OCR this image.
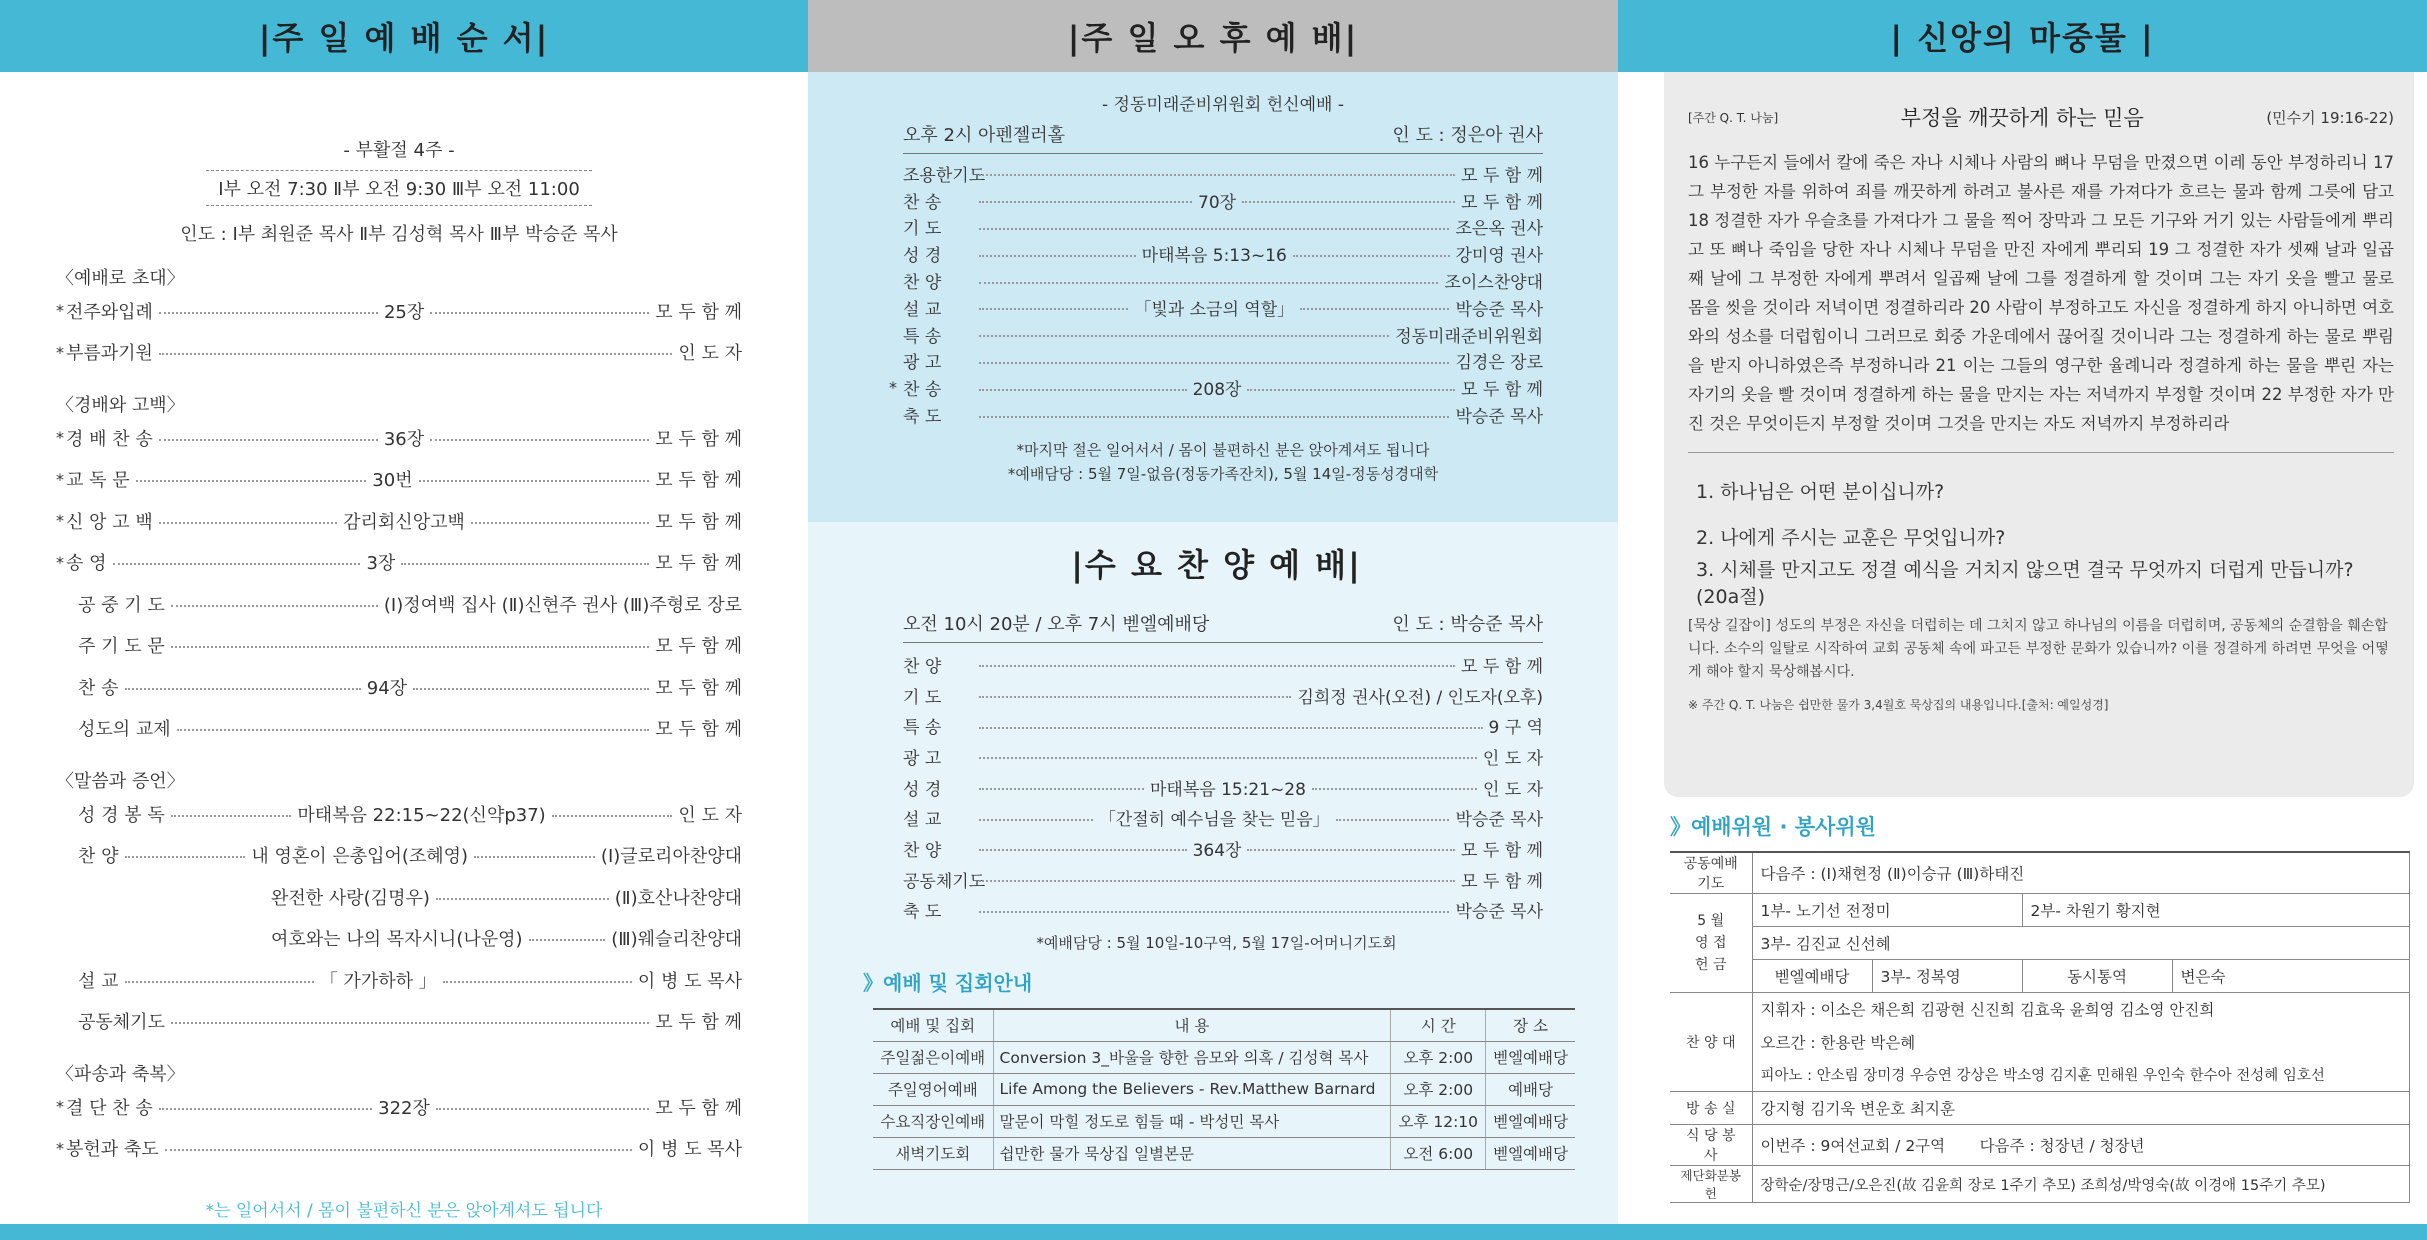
|주 일 예 배 순 서|
- 부활절 4주 -
Ⅰ부 오전 7:30 Ⅱ부 오전 9:30 Ⅲ부 오전 11:00
인도 : Ⅰ부 최원준 목사 Ⅱ부 김성혁 목사 Ⅲ부 박승준 목사
〈예배로 초대〉
* 전주와입례	25장	모 두 함 께
* 부름과기원	인 도 자
〈경배와 고백〉
* 경 배 찬 송	36장	모 두 함 께
* 교 독 문	30번	모 두 함 께
* 신 앙 고 백	감리회신앙고백	모 두 함 께
* 송 영	3장	모 두 함 께
공 중 기 도	(Ⅰ)정여백 집사 (Ⅱ)신현주 권사 (Ⅲ)주형로 장로
주 기 도 문	모 두 함 께
찬 송	94장	모 두 함 께
성도의 교제	모 두 함 께
〈말씀과 증언〉
성 경 봉 독	마태복음 22:15~22(신약p37)	인 도 자
찬 양	내 영혼이 은총입어(조혜영)	(Ⅰ)글로리아찬양대
완전한 사랑(김명우)	(Ⅱ)호산나찬양대
여호와는 나의 목자시니(나운영)	(Ⅲ)웨슬리찬양대
설 교	「 가가하하 」	이 병 도 목사
공동체기도	모 두 함 께
〈파송과 축복〉
* 결 단 찬 송	322장	모 두 함 께
* 봉헌과 축도	이 병 도 목사
*는 일어서서 / 몸이 불편하신 분은 앉아계셔도 됩니다
|주 일 오 후 예 배|
- 정동미래준비위원회 헌신예배 -
오후 2시 아펜젤러홀	인 도 : 정은아 권사
조용한기도	모 두 함 께
찬 송	70장	모 두 함 께
기 도	조은옥 권사
성 경	마태복음 5:13~16	강미영 권사
찬 양	조이스찬양대
설 교	「빛과 소금의 역할」	박승준 목사
특 송	정동미래준비위원회
광 고	김경은 장로
* 찬 송	208장	모 두 함 께
축 도	박승준 목사
*마지막 절은 일어서서 / 몸이 불편하신 분은 앉아계셔도 됩니다
*예배담당 : 5월 7일-없음(정동가족잔치), 5월 14일-정동성경대학
|수 요 찬 양 예 배|
오전 10시 20분 / 오후 7시 벧엘예배당	인 도 : 박승준 목사
찬 양	모 두 함 께
기 도	김희정 권사(오전) / 인도자(오후)
특 송	9 구 역
광 고	인 도 자
성 경	마태복음 15:21~28	인 도 자
설 교	「간절히 예수님을 찾는 믿음」	박승준 목사
찬 양	364장	모 두 함 께
공동체기도	모 두 함 께
축 도	박승준 목사
*예배담당 : 5월 10일-10구역, 5월 17일-어머니기도회
》예배 및 집회안내
예배 및 집회	내 용	시 간	장 소
주일젊은이예배	Conversion 3_바울을 향한 음모와 의혹 / 김성혁 목사	오후 2:00	벧엘예배당
주일영어예배	Life Among the Believers - Rev.Matthew Barnard	오후 2:00	예배당
수요직장인예배	말문이 막힐 정도로 힘들 때 - 박성민 목사	오후 12:10	벧엘예배당
새벽기도회	쉽만한 물가 묵상집 일별본문	오전 6:00	벧엘예배당
| 신앙의 마중물 |
[주간 Q. T. 나눔]	부정을 깨끗하게 하는 믿음	(민수기 19:16-22)
16 누구든지 들에서 칼에 죽은 자나 시체나 사람의 뼈나 무덤을 만졌으면 이레 동안 부정하리니 17 그 부정한 자를 위하여 죄를 깨끗하게 하려고 불사른 재를 가져다가 흐르는 물과 함께 그릇에 담고 18 정결한 자가 우슬초를 가져다가 그 물을 찍어 장막과 그 모든 기구와 거기 있는 사람들에게 뿌리고 또 뼈나 죽임을 당한 자나 시체나 무덤을 만진 자에게 뿌리되 19 그 정결한 자가 셋째 날과 일곱째 날에 그 부정한 자에게 뿌려서 일곱째 날에 그를 정결하게 할 것이며 그는 자기 옷을 빨고 물로 몸을 씻을 것이라 저녁이면 정결하리라 20 사람이 부정하고도 자신을 정결하게 하지 아니하면 여호와의 성소를 더럽힘이니 그러므로 회중 가운데에서 끊어질 것이니라 그는 정결하게 하는 물로 뿌림을 받지 아니하였은즉 부정하니라 21 이는 그들의 영구한 율례니라 정결하게 하는 물을 뿌린 자는 자기의 옷을 빨 것이며 정결하게 하는 물을 만지는 자는 저녁까지 부정할 것이며 22 부정한 자가 만진 것은 무엇이든지 부정할 것이며 그것을 만지는 자도 저녁까지 부정하리라
1. 하나님은 어떤 분이십니까?
2. 나에게 주시는 교훈은 무엇입니까?
3. 시체를 만지고도 정결 예식을 거치지 않으면 결국 무엇까지 더럽게 만듭니까?(20a절)
[묵상 길잡이] 성도의 부정은 자신을 더럽히는 데 그치지 않고 하나님의 이름을 더럽히며, 공동체의 순결함을 훼손합니다. 소수의 일탈로 시작하여 교회 공동체 속에 파고든 부정한 문화가 있습니까? 이를 정결하게 하려면 무엇을 어떻게 해야 할지 묵상해봅시다.
※ 주간 Q. T. 나눔은 쉽만한 물가 3,4월호 묵상집의 내용입니다.[출처: 예일성경]
》예배위원 · 봉사위원
공동예배기도	다음주 : (Ⅰ)채현정 (Ⅱ)이승규 (Ⅲ)하태진			
5 월
영 접
헌 금	1부- 노기선 전정미		2부- 차원기 황지현	
	3부- 김진교 신선혜			
	벧엘예배당	3부- 정복영	동시통역	변은숙
찬 양 대	지휘자 : 이소은 채은희 김광현 신진희 김효욱 윤희영 김소영 안진희			
	오르간 : 한용란 박은혜			
	피아노 : 안소림 장미경 우승연 강상은 박소영 김지훈 민해원 우인숙 한수아 전성혜 임호선			
방 송 실	강지형 김기욱 변운호 최지훈			
식 당 봉 사	이번주 : 9여선교회 / 2구역       다음주 : 청장년 / 청장년			
제단화분봉헌	장학순/장명근/오은진(故 김윤희 장로 1주기 추모) 조희성/박영숙(故 이경애 15주기 추모)			
